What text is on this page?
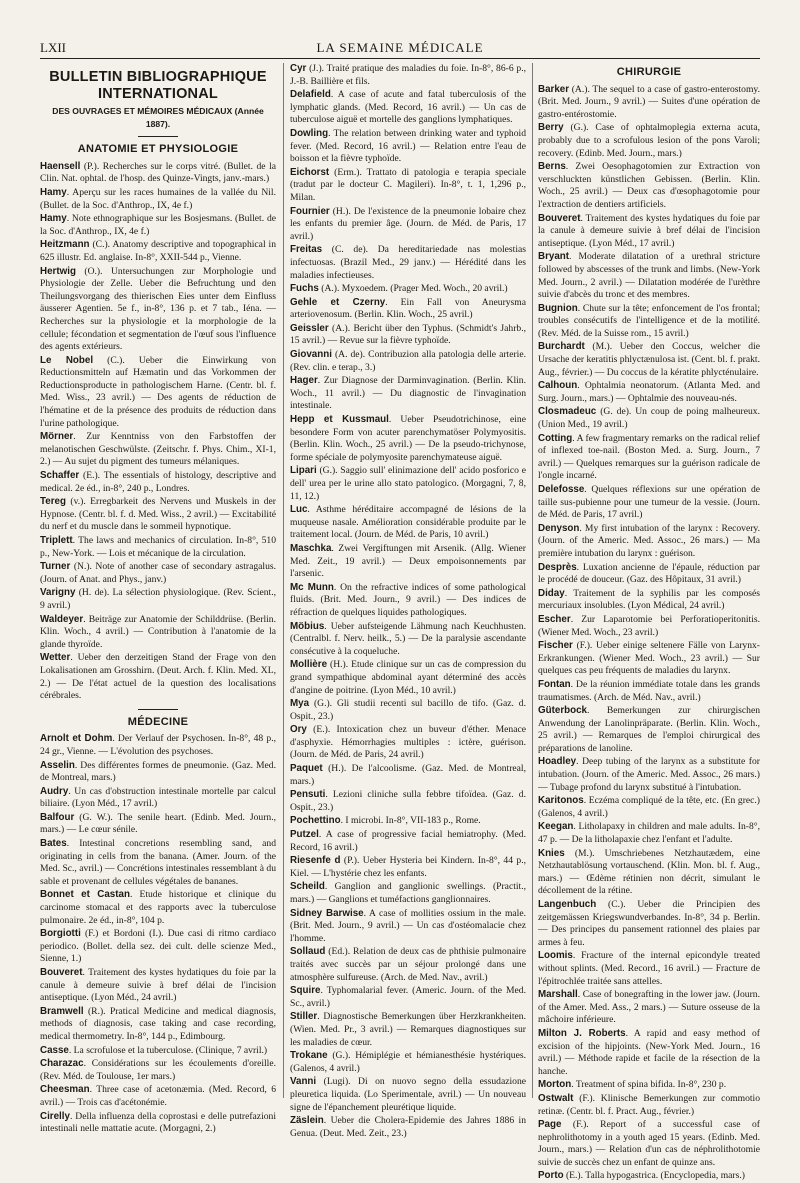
LXII	LA SEMAINE MÉDICALE
BULLETIN BIBLIOGRAPHIQUE INTERNATIONAL
DES OUVRAGES ET MÉMOIRES MÉDICAUX (Année 1887).
ANATOMIE ET PHYSIOLOGIE

Haensell (P.). Recherches sur le corps vitré. (Bullet. de la Clin. Nat. ophtal. de l'hosp. des Quinze-Vingts, janv.-mars.)

Hamy. Aperçu sur les races humaines de la vallée du Nil. (Bullet. de la Soc. d'Anthrop., IX, 4e f.)

Hamy. Note ethnographique sur les Bosjesmans. (Bullet. de la Soc. d'Anthrop., IX, 4e f.)

Heitzmann (C.). Anatomy descriptive and topographical in 625 illustr. Ed. anglaise. In-8°, XXII-544 p., Vienne.

Hertwig (O.). Untersuchungen zur Morphologie und Physiologie der Zelle. Ueber die Befruchtung und den Theilungsvorgang des thierischen Eies unter dem Einfluss äusserer Agentien. 5e f., in-8°, 136 p. et 7 tab., Iéna. — Recherches sur la physiologie et la morphologie de la cellule; fécondation et segmentation de l'œuf sous l'influence des agents extérieurs.

Le Nobel (C.). Ueber die Einwirkung von Reductionsmitteln auf Hæmatin und das Vorkommen der Reductionsproducte in pathologischem Harne. (Centr. bl. f. Med. Wiss., 23 avril.) — Des agents de réduction de l'hématine et de la présence des produits de réduction dans l'urine pathologique.

Mörner. Zur Kenntniss von den Farbstoffen der melanotischen Geschwülste. (Zeitschr. f. Phys. Chim., XI-1, 2.) — Au sujet du pigment des tumeurs mélaniques.

Schaffer (E.). The essentials of histology, descriptive and medical. 2e éd., in-8°, 240 p., Londres.

Tereg (v.). Erregbarkeit des Nervens und Muskels in der Hypnose. (Centr. bl. f. d. Med. Wiss., 2 avril.) — Excitabilité du nerf et du muscle dans le sommeil hypnotique.

Triplett. The laws and mechanics of circulation. In-8°, 510 p., New-York. — Lois et mécanique de la circulation.

Turner (N.). Note of another case of secondary astragalus. (Journ. of Anat. and Phys., janv.)

Varigny (H. de). La sélection physiologique. (Rev. Scient., 9 avril.)

Waldeyer. Beiträge zur Anatomie der Schilddrüse. (Berlin. Klin. Woch., 4 avril.) — Contribution à l'anatomie de la glande thyroïde.

Wetter. Ueber den derzeitigen Stand der Frage von den Lokalisationen am Grosshirn. (Deut. Arch. f. Klin. Med. XL, 2.) — De l'état actuel de la question des localisations cérébrales.

MÉDECINE

Arnolt et Dohm. Der Verlauf der Psychosen. In-8°, 48 p., 24 gr., Vienne. — L'évolution des psychoses.

Asselin. Des différentes formes de pneumonie. (Gaz. Med. de Montreal, mars.)

Audry. Un cas d'obstruction intestinale mortelle par calcul biliaire. (Lyon Méd., 17 avril.)

Balfour (G. W.). The senile heart. (Edinb. Med. Journ., mars.) — Le cœur sénile.

Bates. Intestinal concretions resembling sand, and originating in cells from the banana. (Amer. Journ. of the Med. Sc., avril.) — Concrétions intestinales ressemblant à du sable et provenant de cellules végétales de bananes.

Bonnet et Castan. Etude historique et clinique du carcinome stomacal et des rapports avec la tuberculose pulmonaire. 2e éd., in-8°, 104 p.

Borgiotti (F.) et Bordoni (I.). Due casi di ritmo cardiaco periodico. (Bollet. della sez. dei cult. delle scienze Med., Sienne, 1.)

Bouveret. Traitement des kystes hydatiques du foie par la canule à demeure suivie à bref délai de l'incision antiseptique. (Lyon Méd., 24 avril.)

Bramwell (R.). Pratical Medicine and medical diagnosis, methods of diagnosis, case taking and case recording, medical thermometry. In-8°, 144 p., Edimbourg.

Casse. La scrofulose et la tuberculose. (Clinique, 7 avril.)

Charazac. Considérations sur les écoulements d'oreille. (Rev. Méd. de Toulouse, 1er mars.)

Cheesman. Three case of acetonæmia. (Med. Record, 6 avril.) — Trois cas d'acétonémie.

Cirelly. Della influenza della coprostasi e delle putrefazioni intestinali nelle mattatie acute. (Morgagni, 2.)

Cyr (J.). Traité pratique des maladies du foie. In-8°, 86-6 p., J.-B. Baillière et fils.

Delafield. A case of acute and fatal tuberculosis of the lymphatic glands. (Med. Record, 16 avril.) — Un cas de tuberculose aiguë et mortelle des ganglions lymphatiques.

Dowling. The relation between drinking water and typhoid fever. (Med. Record, 16 avril.) — Relation entre l'eau de boisson et la fièvre typhoïde.

Eichorst (Erm.). Trattato di patologia e terapia speciale (tradut par le docteur C. Magileri). In-8°, t. 1, 1,296 p., Milan.

Fournier (H.). De l'existence de la pneumonie lobaire chez les enfants du premier âge. (Journ. de Méd. de Paris, 17 avril.)

Freitas (C. de). Da hereditariedade nas molestias infectuosas. (Brazil Med., 29 janv.) — Hérédité dans les maladies infectieuses.

Fuchs (A.). Myxoedem. (Prager Med. Woch., 20 avril.)

Gehle et Czerny. Ein Fall von Aneurysma arteriovenosum. (Berlin. Klin. Woch., 25 avril.)

Geissler (A.). Bericht über den Typhus. (Schmidt's Jahrb., 15 avril.) — Revue sur la fièvre typhoïde.

Giovanni (A. de). Contribuzion alla patologia delle arterie. (Rev. clin. e terap., 3.)

Hager. Zur Diagnose der Darminvagination. (Berlin. Klin. Woch., 11 avril.) — Du diagnostic de l'invagination intestinale.

Hepp et Kussmaul. Ueber Pseudotrichinose, eine besondere Form von acuter parenchymatöser Polymyositis. (Berlin. Klin. Woch., 25 avril.) — De la pseudo-trichynose, forme spéciale de polymyosite parenchymateuse aiguë.

Lipari (G.). Saggio sull' elinimazione dell' acido posforico e dell' urea per le urine allo stato patologico. (Morgagni, 7, 8, 11, 12.)

Luc. Asthme héréditaire accompagné de lésions de la muqueuse nasale. Amélioration considérable produite par le traitement local. (Journ. de Méd. de Paris, 10 avril.)

Maschka. Zwei Vergiftungen mit Arsenik. (Allg. Wiener Med. Zeit., 19 avril.) — Deux empoisonnements par l'arsenic.

Mc Munn. On the refractive indices of some pathological fluids. (Brit. Med. Journ., 9 avril.) — Des indices de réfraction de quelques liquides pathologiques.

Möbius. Ueber aufsteigende Lähmung nach Keuchhusten. (Centralbl. f. Nerv. heilk., 5.) — De la paralysie ascendante consécutive à la coqueluche.

Mollière (H.). Etude clinique sur un cas de compression du grand sympathique abdominal ayant déterminé des accès d'angine de poitrine. (Lyon Méd., 10 avril.)

Mya (G.). Gli studii recenti sul bacillo de tifo. (Gaz. d. Ospit., 23.)

Ory (E.). Intoxication chez un buveur d'éther. Menace d'asphyxie. Hémorrhagies multiples : ictère, guérison. (Journ. de Méd. de Paris, 24 avril.)

Paquet (H.). De l'alcoolisme. (Gaz. Med. de Montreal, mars.)

Pensuti. Lezioni cliniche sulla febbre tifoïdea. (Gaz. d. Ospit., 23.)

Pochettino. I microbi. In-8°, VII-183 p., Rome.

Putzel. A case of progressive facial hemiatrophy. (Med. Record, 16 avril.)

Riesenfe d (P.). Ueber Hysteria bei Kindern. In-8°, 44 p., Kiel. — L'hystérie chez les enfants.

Scheild. Ganglion and ganglionic swellings. (Practit., mars.) — Ganglions et tuméfactions ganglionnaires.

Sidney Barwise. A case of mollities ossium in the male. (Brit. Med. Journ., 9 avril.) — Un cas d'ostéomalacie chez l'homme.

Sollaud (Ed.). Relation de deux cas de phthisie pulmonaire traités avec succès par un séjour prolongé dans une atmosphère sulfureuse. (Arch. de Med. Nav., avril.)

Squire. Typhomalarial fever. (Americ. Journ. of the Med. Sc., avril.)

Stiller. Diagnostische Bemerkungen über Herzkrankheiten. (Wien. Med. Pr., 3 avril.) — Remarques diagnostiques sur les maladies de cœur.

Trokane (G.). Hémiplégie et hémianesthésie hystériques. (Galenos, 4 avril.)

Vanni (Lugi). Di on nuovo segno della essudazione pleuretica liquida. (Lo Sperimentale, avril.) — Un nouveau signe de l'épanchement pleurétique liquide.

Zäslein. Ueber die Cholera-Epidemie des Jahres 1886 in Genua. (Deut. Med. Zeit., 23.)

CHIRURGIE

Barker (A.). The sequel to a case of gastro-enterostomy. (Brit. Med. Journ., 9 avril.) — Suites d'une opération de gastro-entérostomie.

Berry (G.). Case of ophtalmoplegia externa acuta, probably due to a scrofulous lesion of the pons Varoli; recovery. (Edinb. Med. Journ., mars.)

Berns. Zwei Oesophagotomien zur Extraction von verschluckten künstlichen Gebissen. (Berlin. Klin. Woch., 25 avril.) — Deux cas d'œsophagotomie pour l'extraction de dentiers artificiels.

Bouveret. Traitement des kystes hydatiques du foie par la canule à demeure suivie à bref délai de l'incision antiseptique. (Lyon Méd., 17 avril.)

Bryant. Moderate dilatation of a urethral stricture followed by abscesses of the trunk and limbs. (New-York Med. Journ., 2 avril.) — Dilatation modérée de l'urèthre suivie d'abcès du tronc et des membres.

Bugnion. Chute sur la tête; enfoncement de l'os frontal; troubles consécutifs de l'intelligence et de la motilité. (Rev. Méd. de la Suisse rom., 15 avril.)

Burchardt (M.). Ueber den Coccus, welcher die Ursache der keratitis phlyctænulosa ist. (Cent. bl. f. prakt. Aug., février.) — Du coccus de la kératite phlycténulaire.

Calhoun. Ophtalmia neonatorum. (Atlanta Med. and Surg. Journ., mars.) — Ophtalmie des nouveau-nés.

Closmadeuc (G. de). Un coup de poing malheureux. (Union Med., 19 avril.)

Cotting. A few fragmentary remarks on the radical relief of inflexed toe-nail. (Boston Med. a. Surg. Journ., 7 avril.) — Quelques remarques sur la guérison radicale de l'ongle incarné.

Delefosse. Quelques réflexions sur une opération de taille sus-pubienne pour une tumeur de la vessie. (Journ. de Méd. de Paris, 17 avril.)

Denyson. My first intubation of the larynx : Recovery. (Journ. of the Americ. Med. Assoc., 26 mars.) — Ma première intubation du larynx : guérison.

Desprès. Luxation ancienne de l'épaule, réduction par le procédé de douceur. (Gaz. des Hôpitaux, 31 avril.)

Diday. Traitement de la syphilis par les composés mercuriaux insolubles. (Lyon Médical, 24 avril.)

Escher. Zur Laparotomie bei Perforatioperitonitis. (Wiener Med. Woch., 23 avril.)

Fischer (F.). Ueber einige seltenere Fälle von Larynx-Erkrankungen. (Wiener Med. Woch., 23 avril.) — Sur quelques cas peu fréquents de maladies du larynx.

Fontan. De la réunion immédiate totale dans les grands traumatismes. (Arch. de Méd. Nav., avril.)

Güterbock. Bemerkungen zur chirurgischen Anwendung der Lanolinpräparate. (Berlin. Klin. Woch., 25 avril.) — Remarques de l'emploi chirurgical des préparations de lanoline.

Hoadley. Deep tubing of the larynx as a substitute for intubation. (Journ. of the Americ. Med. Assoc., 26 mars.) — Tubage profond du larynx substitué à l'intubation.

Karitonos. Eczéma compliqué de la tête, etc. (En grec.) (Galenos, 4 avril.)

Keegan. Litholapaxy in children and male adults. In-8°, 47 p. — De la litholapaxie chez l'enfant et l'adulte.

Knies (M.). Umschriebenes Netzhautædem, eine Netzhautablösung vortauschend. (Klin. Mon. bl. f. Aug., mars.) — Œdème rétinien non décrit, simulant le décollement de la rétine.

Langenbuch (C.). Ueber die Principien des zeitgemässen Kriegswundverbandes. In-8°, 34 p. Berlin. — Des principes du pansement rationnel des plaies par armes à feu.

Loomis. Fracture of the internal epicondyle treated without splints. (Med. Record., 16 avril.) — Fracture de l'épitrochlée traitée sans attelles.

Marshall. Case of bonegrafting in the lower jaw. (Journ. of the Amer. Med. Ass., 2 mars.) — Suture osseuse de la mâchoire inférieure.

Milton J. Roberts. A rapid and easy method of excision of the hipjoints. (New-York Med. Journ., 16 avril.) — Méthode rapide et facile de la résection de la hanche.

Morton. Treatment of spina bifida. In-8°, 230 p.

Ostwalt (F.). Klinische Bemerkungen zur commotio retinæ. (Centr. bl. f. Pract. Aug., février.)

Page (F.). Report of a successful case of nephrolithotomy in a youth aged 15 years. (Edinb. Med. Journ., mars.) — Relation d'un cas de néphrolithotomie suivie de succès chez un enfant de quinze ans.

Porto (E.). Talla hypogastrica. (Encyclopedia, mars.)
